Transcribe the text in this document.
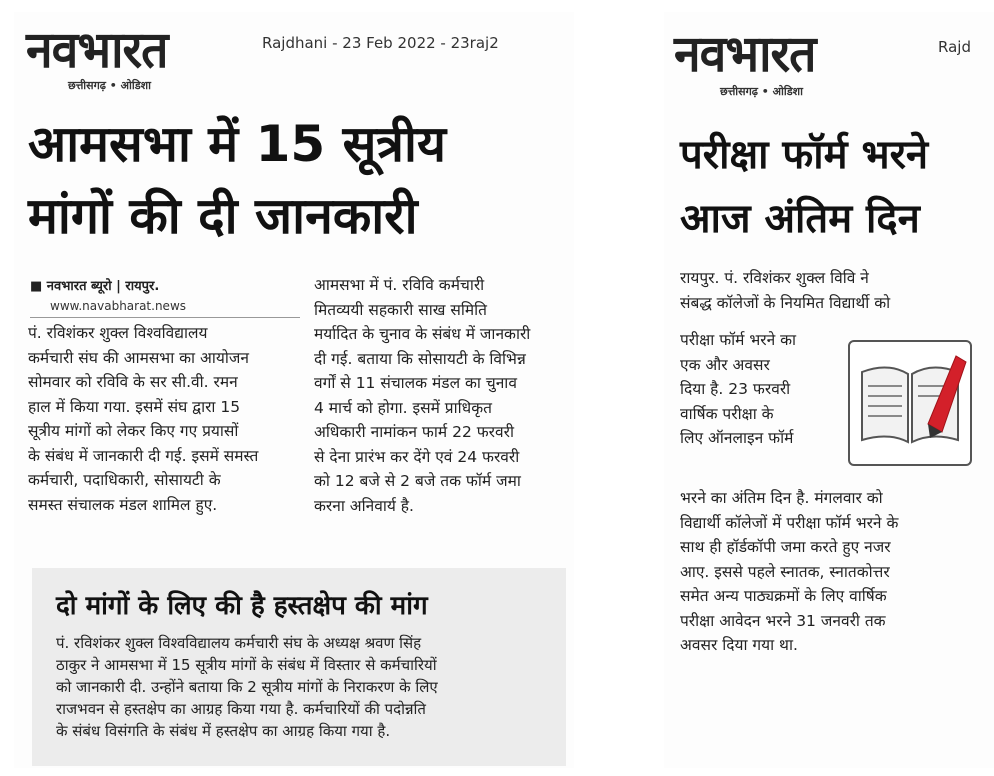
नवभारत
छत्तीसगढ़ • ओडिशा
Rajdhani - 23 Feb 2022 - 23raj2
आमसभा में 15 सूत्रीय
मांगों की दी जानकारी
■ नवभारत ब्यूरो | रायपुर.
www.navabharat.news
पं. रविशंकर शुक्ल विश्वविद्यालय
कर्मचारी संघ की आमसभा का आयोजन
सोमवार को रविवि के सर सी.वी. रमन
हाल में किया गया. इसमें संघ द्वारा 15
सूत्रीय मांगों को लेकर किए गए प्रयासों
के संबंध में जानकारी दी गई. इसमें समस्त
कर्मचारी, पदाधिकारी, सोसायटी के
समस्त संचालक मंडल शामिल हुए.
आमसभा में पं. रविवि कर्मचारी
मितव्ययी सहकारी साख समिति
मर्यादित के चुनाव के संबंध में जानकारी
दी गई. बताया कि सोसायटी के विभिन्न
वर्गों से 11 संचालक मंडल का चुनाव
4 मार्च को होगा. इसमें प्राधिकृत
अधिकारी नामांकन फार्म 22 फरवरी
से देना प्रारंभ कर देंगे एवं 24 फरवरी
को 12 बजे से 2 बजे तक फॉर्म जमा
करना अनिवार्य है.
दो मांगों के लिए की है हस्तक्षेप की मांग
पं. रविशंकर शुक्ल विश्वविद्यालय कर्मचारी संघ के अध्यक्ष श्रवण सिंह
ठाकुर ने आमसभा में 15 सूत्रीय मांगों के संबंध में विस्तार से कर्मचारियों
को जानकारी दी. उन्होंने बताया कि 2 सूत्रीय मांगों के निराकरण के लिए
राजभवन से हस्तक्षेप का आग्रह किया गया है. कर्मचारियों की पदोन्नति
के संबंध विसंगति के संबंध में हस्तक्षेप का आग्रह किया गया है.
नवभारत
छत्तीसगढ़ • ओडिशा
Rajd
परीक्षा फॉर्म भरने
आज अंतिम दिन
रायपुर. पं. रविशंकर शुक्ल विवि ने
संबद्ध कॉलेजों के नियमित विद्यार्थी को
परीक्षा फॉर्म भरने का
एक और अवसर
दिया है. 23 फरवरी
वार्षिक परीक्षा के
लिए ऑनलाइन फॉर्म
भरने का अंतिम दिन है. मंगलवार को
विद्यार्थी कॉलेजों में परीक्षा फॉर्म भरने के
साथ ही हॉर्डकॉपी जमा करते हुए नजर
आए. इससे पहले स्नातक, स्नातकोत्तर
समेत अन्य पाठ्यक्रमों के लिए वार्षिक
परीक्षा आवेदन भरने 31 जनवरी तक
अवसर दिया गया था.
